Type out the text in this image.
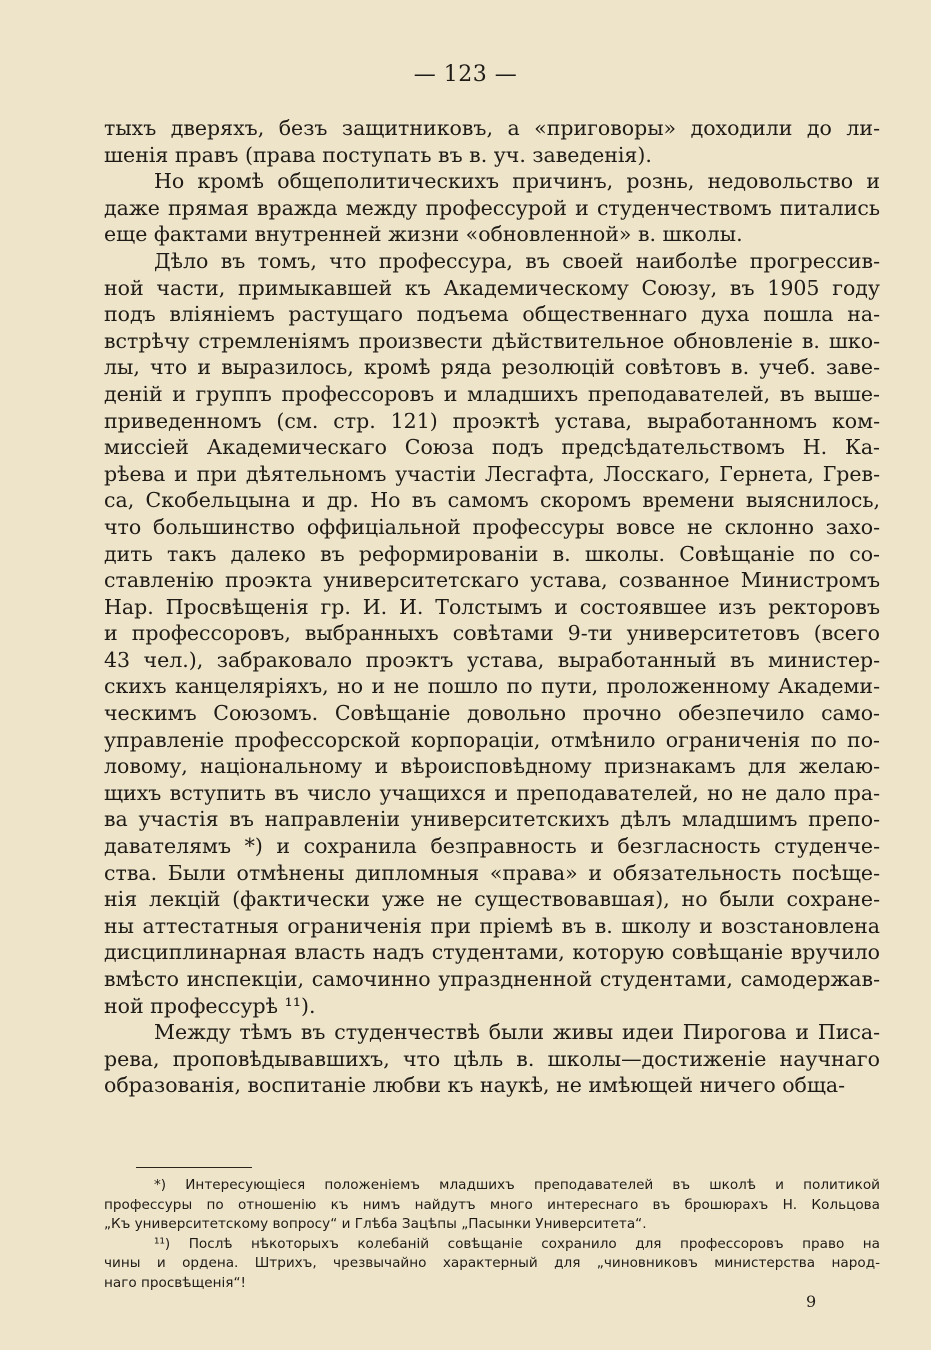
— 123 —

тыхъ дверяхъ, безъ защитниковъ, а «приговоры» доходили до ли-

шенія правъ (права поступать въ в. уч. заведенія).

Но кромѣ общеполитическихъ причинъ, рознь, недовольство и

даже прямая вражда между профессурой и студенчествомъ питались

еще фактами внутренней жизни «обновленной» в. школы.

Дѣло въ томъ, что профессура, въ своей наиболѣе прогрессив-

ной части, примыкавшей къ Академическому Союзу, въ 1905 году

подъ вліяніемъ растущаго подъема общественнаго духа пошла на-

встрѣчу стремленіямъ произвести дѣйствительное обновленіе в. шко-

лы, что и выразилось, кромѣ ряда резолюцій совѣтовъ в. учеб. заве-

деній и группъ профессоровъ и младшихъ преподавателей, въ выше-

приведенномъ (см. стр. 121) проэктѣ устава, выработанномъ ком-

миссіей Академическаго Союза подъ предсѣдательствомъ Н. Ка-

рѣева и при дѣятельномъ участіи Лесгафта, Лосскаго, Гернета, Грев-

са, Скобельцына и др. Но въ самомъ скоромъ времени выяснилось,

что большинство оффиціальной профессуры вовсе не склонно захо-

дить такъ далеко въ реформированіи в. школы. Совѣщаніе по со-

ставленію проэкта университетскаго устава, созванное Министромъ

Нар. Просвѣщенія гр. И. И. Толстымъ и состоявшее изъ ректоровъ

и профессоровъ, выбранныхъ совѣтами 9-ти университетовъ (всего

43 чел.), забраковало проэктъ устава, выработанный въ министер-

скихъ канцеляріяхъ, но и не пошло по пути, проложенному Академи-

ческимъ Союзомъ. Совѣщаніе довольно прочно обезпечило само-

управленіе профессорской корпораціи, отмѣнило ограниченія по по-

ловому, національному и вѣроисповѣдному признакамъ для желаю-

щихъ вступить въ число учащихся и преподавателей, но не дало пра-

ва участія въ направленіи университетскихъ дѣлъ младшимъ препо-

давателямъ *) и сохранила безправность и безгласность студенче-

ства. Были отмѣнены дипломныя «права» и обязательность посѣще-

нія лекцій (фактически уже не существовавшая), но были сохране-

ны аттестатныя ограниченія при пріемѣ въ в. школу и возстановлена

дисциплинарная власть надъ студентами, которую совѣщаніе вручило

вмѣсто инспекціи, самочинно упраздненной студентами, самодержав-

ной профессурѣ ¹¹).

Между тѣмъ въ студенчествѣ были живы идеи Пирогова и Писа-

рева, проповѣдывавшихъ, что цѣль в. школы—достиженіе научнаго

образованія, воспитаніе любви къ наукѣ, не имѣющей ничего обща-

*) Интересующіеся положеніемъ младшихъ преподавателей въ школѣ и политикой

профессуры по отношенію къ нимъ найдутъ много интереснаго въ брошюрахъ Н. Кольцова

„Къ университетскому вопросу“ и Глѣба Зацѣпы „Пасынки Университета“.

¹¹) Послѣ нѣкоторыхъ колебаній совѣщаніе сохранило для профессоровъ право на

чины и ордена. Штрихъ, чрезвычайно характерный для „чиновниковъ министерства народ-

наго просвѣщенія“!

9
